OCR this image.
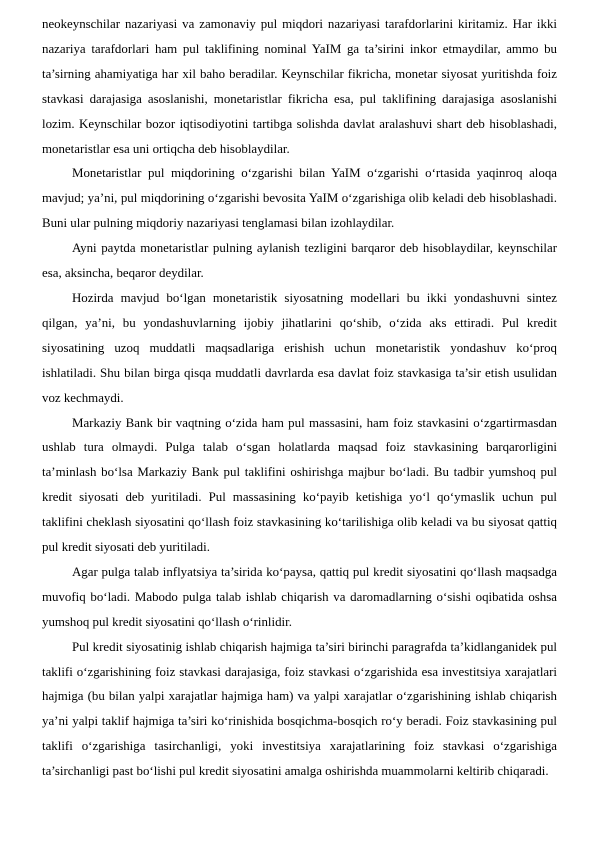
neokeynschilar nazariyasi va zamonaviy pul miqdori nazariyasi tarafdorlarini kiritamiz. Har ikki nazariya tarafdorlari ham pul taklifining nominal YaIM ga ta’sirini inkor etmaydilar, ammo bu ta’sirning ahamiyatiga har xil baho beradilar. Keynschilar fikricha, monetar siyosat yuritishda foiz stavkasi darajasiga asoslanishi, monetaristlar fikricha esa, pul taklifining darajasiga asoslanishi lozim. Keynschilar bozor iqtisodiyotini tartibga solishda davlat aralashuvi shart deb hisoblashadi, monetaristlar esa uni ortiqcha deb hisoblaydilar.

Monetaristlar pul miqdorining o‘zgarishi bilan YaIM o‘zgarishi o‘rtasida yaqinroq aloqa mavjud; ya’ni, pul miqdorining o‘zgarishi bevosita YaIM o‘zgarishiga olib keladi deb hisoblashadi. Buni ular pulning miqdoriy nazariyasi tenglamasi bilan izohlaydilar.

Ayni paytda monetaristlar pulning aylanish tezligini barqaror deb hisoblaydilar, keynschilar esa, aksincha, beqaror deydilar.

Hozirda mavjud bo‘lgan monetaristik siyosatning modellari bu ikki yondashuvni sintez qilgan, ya’ni, bu yondashuvlarning ijobiy jihatlarini qo‘shib, o‘zida aks ettiradi. Pul kredit siyosatining uzoq muddatli maqsadlariga erishish uchun monetaristik yondashuv ko‘proq ishlatiladi. Shu bilan birga qisqa muddatli davrlarda esa davlat foiz stavkasiga ta’sir etish usulidan voz kechmaydi.

Markaziy Bank bir vaqtning o‘zida ham pul massasini, ham foiz stavkasini o‘zgartirmasdan ushlab tura olmaydi. Pulga talab o‘sgan holatlarda maqsad foiz stavkasining barqarorligini ta’minlash bo‘lsa Markaziy Bank pul taklifini oshirishga majbur bo‘ladi. Bu tadbir yumshoq pul kredit siyosati deb yuritiladi. Pul massasining ko‘payib ketishiga yo‘l qo‘ymaslik uchun pul taklifini cheklash siyosatini qo‘llash foiz stavkasining ko‘tarilishiga olib keladi va bu siyosat qattiq pul kredit siyosati deb yuritiladi.

Agar pulga talab inflyatsiya ta’sirida ko‘paysa, qattiq pul kredit siyosatini qo‘llash maqsadga muvofiq bo‘ladi. Mabodo pulga talab ishlab chiqarish va daromadlarning o‘sishi oqibatida oshsa yumshoq pul kredit siyosatini qo‘llash o‘rinlidir.

Pul kredit siyosatinig ishlab chiqarish hajmiga ta’siri birinchi paragrafda ta’kidlanganidek pul taklifi o‘zgarishining foiz stavkasi darajasiga, foiz stavkasi o‘zgarishida esa investitsiya xarajatlari hajmiga (bu bilan yalpi xarajatlar hajmiga ham) va yalpi xarajatlar o‘zgarishining ishlab chiqarish ya’ni yalpi taklif hajmiga ta’siri ko‘rinishida bosqichma-bosqich ro‘y beradi. Foiz stavkasining pul taklifi o‘zgarishiga tasirchanligi, yoki investitsiya xarajatlarining foiz stavkasi o‘zgarishiga ta’sirchanligi past bo‘lishi pul kredit siyosatini amalga oshirishda muammolarni keltirib chiqaradi.
